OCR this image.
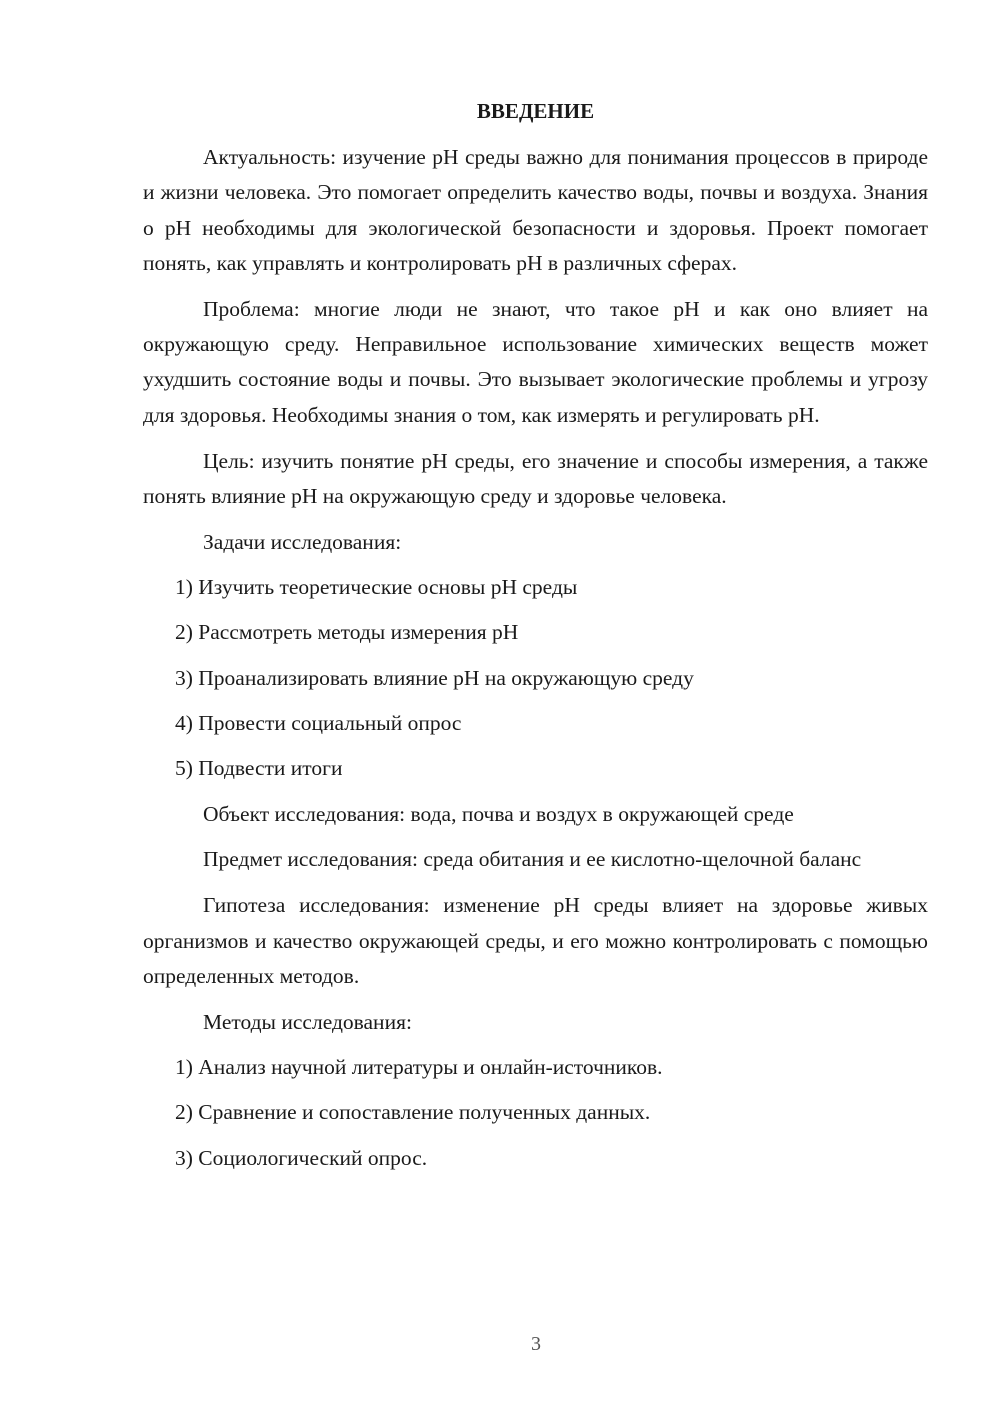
ВВЕДЕНИЕ

Актуальность: изучение pH среды важно для понимания процессов в природе и жизни человека. Это помогает определить качество воды, почвы и воздуха. Знания о pH необходимы для экологической безопасности и здоровья. Проект помогает понять, как управлять и контролировать pH в различных сферах.

Проблема: многие люди не знают, что такое pH и как оно влияет на окружающую среду. Неправильное использование химических веществ может ухудшить состояние воды и почвы. Это вызывает экологические проблемы и угрозу для здоровья. Необходимы знания о том, как измерять и регулировать pH.

Цель: изучить понятие pH среды, его значение и способы измерения, а также понять влияние pH на окружающую среду и здоровье человека.

Задачи исследования:

1) Изучить теоретические основы pH среды
2) Рассмотреть методы измерения pH
3) Проанализировать влияние pH на окружающую среду
4) Провести социальный опрос
5) Подвести итоги

Объект исследования: вода, почва и воздух в окружающей среде

Предмет исследования: среда обитания и ее кислотно-щелочной баланс

Гипотеза исследования: изменение pH среды влияет на здоровье живых организмов и качество окружающей среды, и его можно контролировать с помощью определенных методов.

Методы исследования:

1) Анализ научной литературы и онлайн-источников.
2) Сравнение и сопоставление полученных данных.
3) Социологический опрос.
3
